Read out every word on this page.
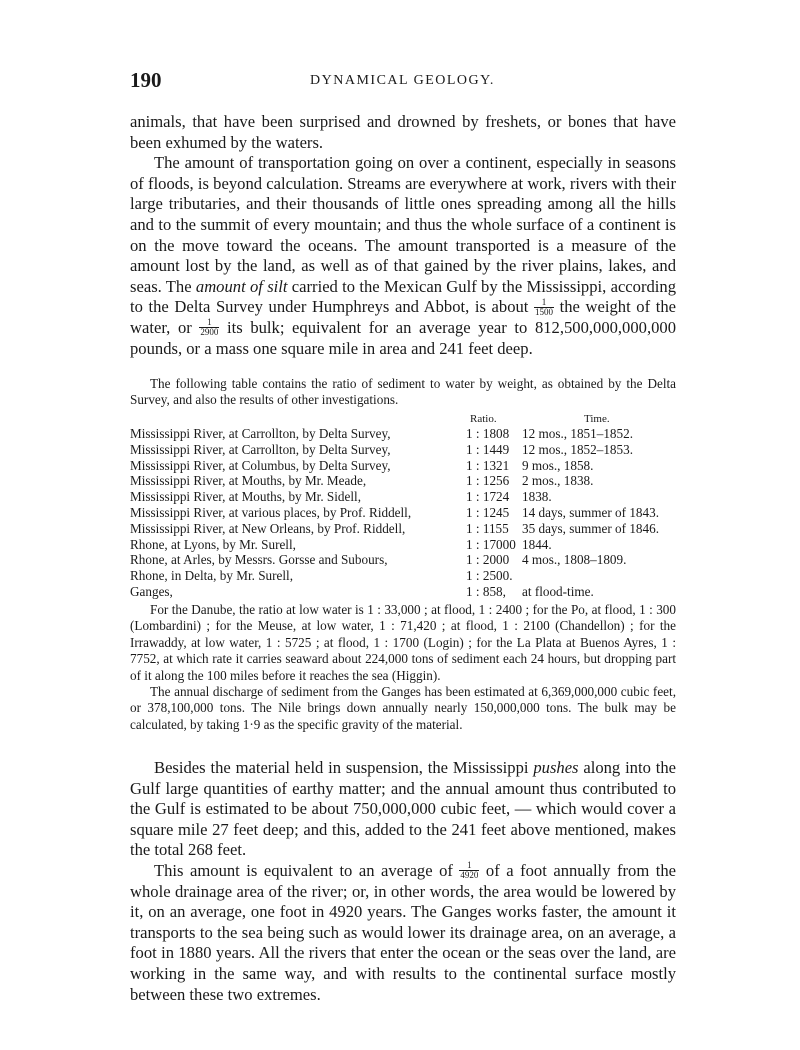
190	DYNAMICAL GEOLOGY.

animals, that have been surprised and drowned by freshets, or bones that have been exhumed by the waters.

The amount of transportation going on over a continent, especially in seasons of floods, is beyond calculation. Streams are everywhere at work, rivers with their large tributaries, and their thousands of little ones spreading among all the hills and to the summit of every mountain; and thus the whole surface of a continent is on the move toward the oceans. The amount transported is a measure of the amount lost by the land, as well as of that gained by the river plains, lakes, and seas. The amount of silt carried to the Mexican Gulf by the Mississippi, according to the Delta Survey under Humphreys and Abbot, is about $\frac{1}{1500}$ the weight of the water, or $\frac{1}{2900}$ its bulk; equivalent for an average year to 812,500,000,000,000 pounds, or a mass one square mile in area and 241 feet deep.

The following table contains the ratio of sediment to water by weight, as obtained by the Delta Survey, and also the results of other investigations.

	Ratio.	Time.
Mississippi River, at Carrollton, by Delta Survey,	1 : 1808	12 mos., 1851–1852.
Mississippi River, at Carrollton, by Delta Survey,	1 : 1449	12 mos., 1852–1853.
Mississippi River, at Columbus, by Delta Survey,	1 : 1321	9 mos., 1858.
Mississippi River, at Mouths, by Mr. Meade,	1 : 1256	2 mos., 1838.
Mississippi River, at Mouths, by Mr. Sidell,	1 : 1724	1838.
Mississippi River, at various places, by Prof. Riddell,	1 : 1245	14 days, summer of 1843.
Mississippi River, at New Orleans, by Prof. Riddell,	1 : 1155	35 days, summer of 1846.
Rhone, at Lyons, by Mr. Surell,	1 : 17000	1844.
Rhone, at Arles, by Messrs. Gorsse and Subours,	1 : 2000	4 mos., 1808–1809.
Rhone, in Delta, by Mr. Surell,	1 : 2500.	
Ganges,	1 : 858,	at flood-time.

For the Danube, the ratio at low water is 1 : 33,000 ; at flood, 1 : 2400 ; for the Po, at flood, 1 : 300 (Lombardini) ; for the Meuse, at low water, 1 : 71,420 ; at flood, 1 : 2100 (Chandellon) ; for the Irrawaddy, at low water, 1 : 5725 ; at flood, 1 : 1700 (Login) ; for the La Plata at Buenos Ayres, 1 : 7752, at which rate it carries seaward about 224,000 tons of sediment each 24 hours, but dropping part of it along the 100 miles before it reaches the sea (Higgin).

The annual discharge of sediment from the Ganges has been estimated at 6,369,000,000 cubic feet, or 378,100,000 tons. The Nile brings down annually nearly 150,000,000 tons. The bulk may be calculated, by taking 1·9 as the specific gravity of the material.

Besides the material held in suspension, the Mississippi pushes along into the Gulf large quantities of earthy matter; and the annual amount thus contributed to the Gulf is estimated to be about 750,000,000 cubic feet, — which would cover a square mile 27 feet deep; and this, added to the 241 feet above mentioned, makes the total 268 feet.

This amount is equivalent to an average of $\frac{1}{4920}$ of a foot annually from the whole drainage area of the river; or, in other words, the area would be lowered by it, on an average, one foot in 4920 years. The Ganges works faster, the amount it transports to the sea being such as would lower its drainage area, on an average, a foot in 1880 years. All the rivers that enter the ocean or the seas over the land, are working in the same way, and with results to the continental surface mostly between these two extremes.
